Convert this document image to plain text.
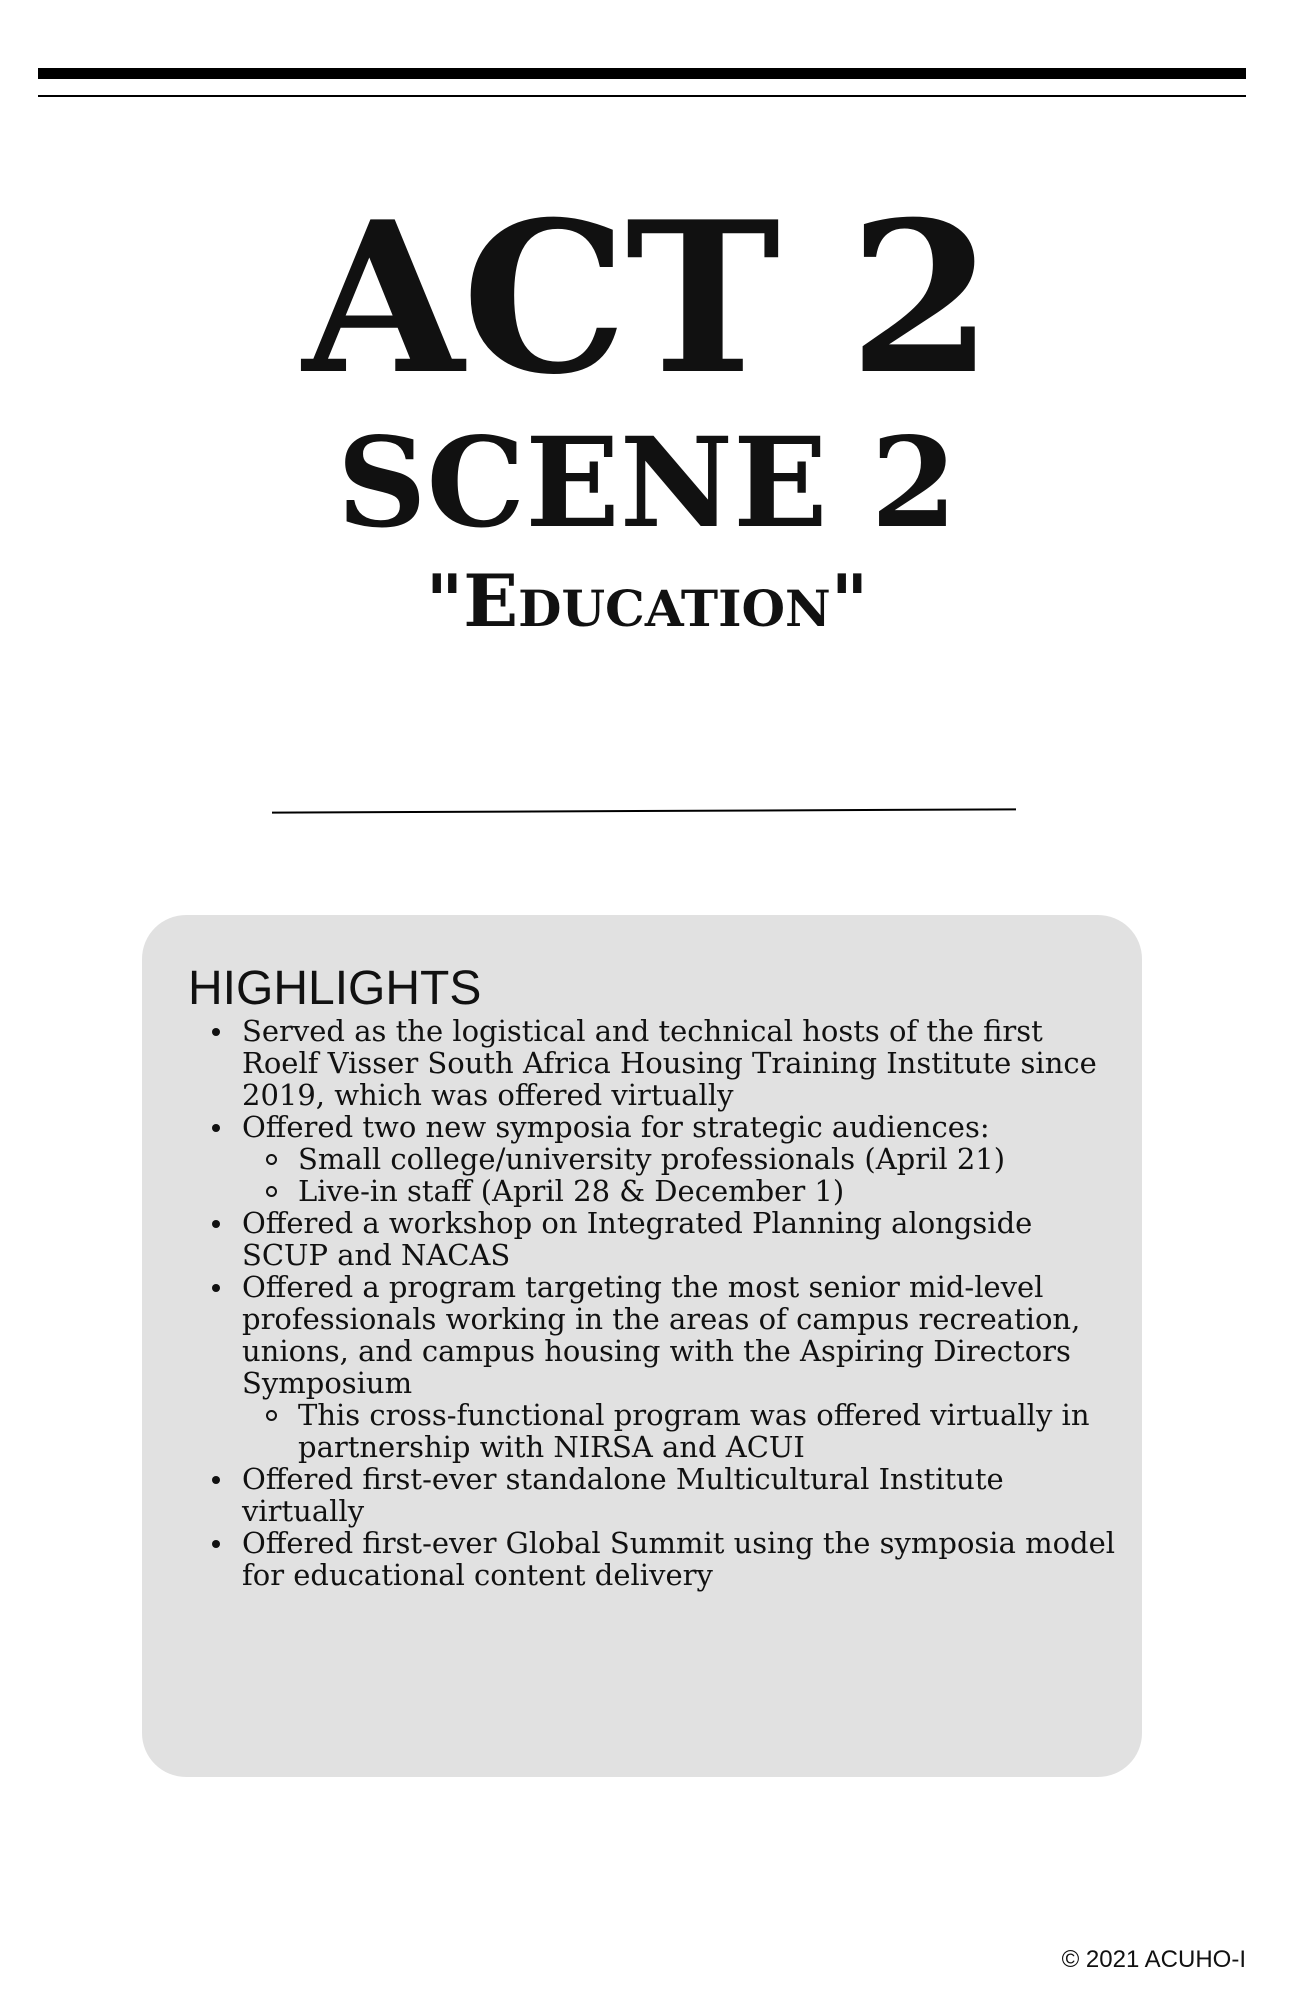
ACT 2
SCENE 2
"Education"
HIGHLIGHTS
Served as the logistical and technical hosts of the first Roelf Visser South Africa Housing Training Institute since 2019, which was offered virtually
Offered two new symposia for strategic audiences:
Small college/university professionals (April 21)
Live-in staff (April 28 & December 1)
Offered a workshop on Integrated Planning alongside SCUP and NACAS
Offered a program targeting the most senior mid-level professionals working in the areas of campus recreation, unions, and campus housing with the Aspiring Directors Symposium
This cross-functional program was offered virtually in partnership with NIRSA and ACUI
Offered first-ever standalone Multicultural Institute virtually
Offered first-ever Global Summit using the symposia model for educational content delivery
© 2021 ACUHO-I
